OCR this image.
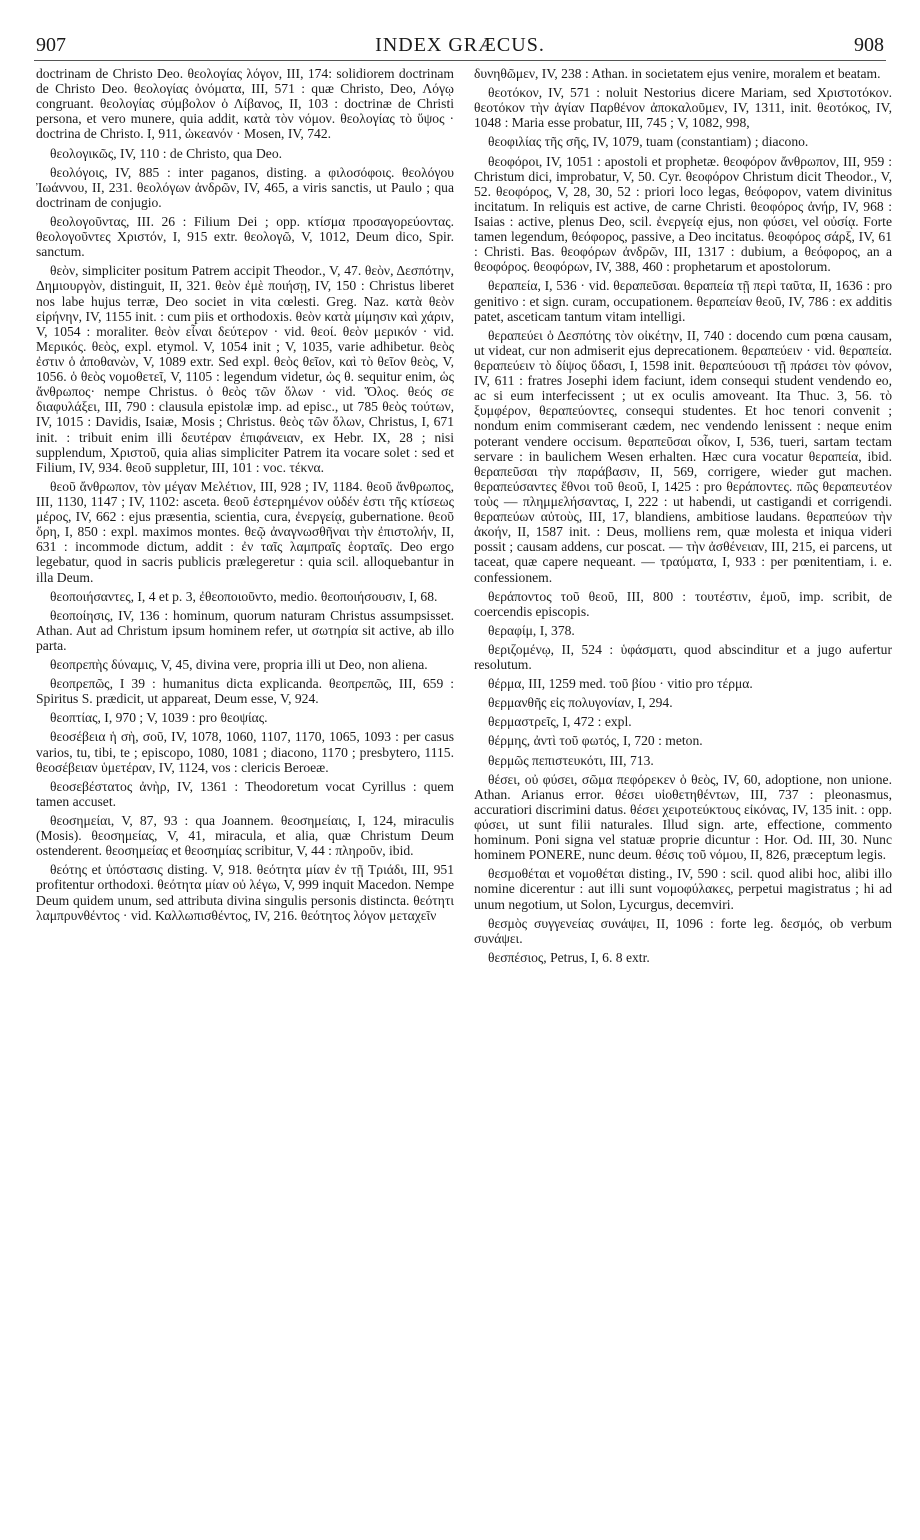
907	INDEX GRÆCUS.	908

doctrinam de Christo Deo. θεολογίας λόγον, III, 174: solidiorem doctrinam de Christo Deo. θεολογίας ὀνόματα, III, 571 : quæ Christo, Deo, Λόγῳ congruant. θεολογίας σύμβολον ὁ Λίβανος, II, 103 : doctrinæ de Christi persona, et vero munere, quia addit, κατὰ τὸν νόμον. θεολογίας τὸ ὕψος · doctrina de Christo. I, 911, ὠκεανόν · Mosen, IV, 742.

θεολογικῶς, IV, 110 : de Christo, qua Deo.

θεολόγοις, IV, 885 : inter paganos, disting. a φιλοσόφοις. θεολόγου Ἰωάννου, II, 231. θεολόγων ἀνδρῶν, IV, 465, a viris sanctis, ut Paulo ; qua doctrinam de conjugio.

θεολογοῦντας, III. 26 : Filium Dei ; opp. κτίσμα προσαγορεύοντας. θεολογοῦντες Χριστόν, I, 915 extr. θεολογῶ, V, 1012, Deum dico, Spir. sanctum.

θεὸν, simpliciter positum Patrem accipit Theodor., V, 47. θεὸν, Δεσπότην, Δημιουργὸν, distinguit, II, 321. θεὸν ἐμὲ ποιήσῃ, IV, 150 : Christus liberet nos labe hujus terræ, Deo societ in vita cœlesti. Greg. Naz. κατὰ θεὸν εἰρήνην, IV, 1155 init. : cum piis et orthodoxis. θεὸν κατὰ μίμησιν καὶ χάριν, V, 1054 : moraliter. θεὸν εἶναι δεύτερον · vid. θεοί. θεὸν μερικόν · vid. Μερικός. θεὸς, expl. etymol. V, 1054 init ; V, 1035, varie adhibetur. θεὸς ἐστιν ὁ ἀποθανὼν, V, 1089 extr. Sed expl. θεὸς θεῖον, καὶ τὸ θεῖον θεὸς, V, 1056. ὁ θεὸς νομοθετεῖ, V, 1105 : legendum videtur, ὡς θ. sequitur enim, ὡς ἄνθρωπος· nempe Christus. ὁ θεὸς τῶν ὅλων · vid. Ὅλος. θεός σε διαφυλάξει, III, 790 : clausula epistolæ imp. ad episc., ut 785 θεὸς τούτων, IV, 1015 : Davidis, Isaiæ, Mosis ; Christus. θεὸς τῶν ὅλων, Christus, I, 671 init. : tribuit enim illi δευτέραν ἐπιφάνειαν, ex Hebr. IX, 28 ; nisi supplendum, Χριστοῦ, quia alias simpliciter Patrem ita vocare solet : sed et Filium, IV, 934. θεοῦ suppletur, III, 101 : voc. τέκνα.

θεοῦ ἄνθρωπον, τὸν μέγαν Μελέτιον, III, 928 ; IV, 1184. θεοῦ ἄνθρωπος, III, 1130, 1147 ; IV, 1102: asceta. θεοῦ ἐστερημένον οὐδέν ἐστι τῆς κτίσεως μέρος, IV, 662 : ejus præsentia, scientia, cura, ἐνεργείᾳ, gubernatione. θεοῦ ὄρη, I, 850 : expl. maximos montes. θεῷ ἀναγνωσθῆναι τὴν ἐπιστολήν, II, 631 : incommode dictum, addit : ἐν ταῖς λαμπραῖς ἑορταῖς. Deo ergo legebatur, quod in sacris publicis prælegeretur : quia scil. alloquebantur in illa Deum.

θεοποιήσαντες, I, 4 et p. 3, ἐθεοποιοῦντο, medio. θεοποιήσουσιν, I, 68.

θεοποίησις, IV, 136 : hominum, quorum naturam Christus assumpsisset. Athan. Aut ad Christum ipsum hominem refer, ut σωτηρία sit active, ab illo parta.

θεοπρεπὴς δύναμις, V, 45, divina vere, propria illi ut Deo, non aliena.

θεοπρεπῶς, I 39 : humanitus dicta explicanda. θεοπρεπῶς, III, 659 : Spiritus S. prædicit, ut appareat, Deum esse, V, 924.

θεοπτίας, I, 970 ; V, 1039 : pro θεοψίας.

θεοσέβεια ἡ σὴ, σοῦ, IV, 1078, 1060, 1107, 1170, 1065, 1093 : per casus varios, tu, tibi, te ; episcopo, 1080, 1081 ; diacono, 1170 ; presbytero, 1115. θεοσέβειαν ὑμετέραν, IV, 1124, vos : clericis Beroeæ.

θεοσεβέστατος ἀνὴρ, IV, 1361 : Theodoretum vocat Cyrillus : quem tamen accuset.

θεοσημείαι, V, 87, 93 : qua Joannem. θεοσημείαις, I, 124, miraculis (Mosis). θεοσημείας, V, 41, miracula, et alia, quæ Christum Deum ostenderent. θεοσημείας et θεοσημίας scribitur, V, 44 : πληροῦν, ibid.

θεότης et ὑπόστασις disting. V, 918. θεότητα μίαν ἐν τῇ Τριάδι, III, 951 profitentur orthodoxi. θεότητα μίαν οὐ λέγω, V, 999 inquit Macedon. Nempe Deum quidem unum, sed attributa divina singulis personis distincta. θεότητι λαμπρυνθέντος · vid. Καλλωπισθέντος, IV, 216. θεότητος λόγον μεταχεῖν

δυνηθῶμεν, IV, 238 : Athan. in societatem ejus venire, moralem et beatam.

θεοτόκον, IV, 571 : noluit Nestorius dicere Mariam, sed Χριστοτόκον. θεοτόκον τὴν ἁγίαν Παρθένον ἀποκαλοῦμεν, IV, 1311, init. θεοτόκος, IV, 1048 : Maria esse probatur, III, 745 ; V, 1082, 998,

θεοφιλίας τῆς σῆς, IV, 1079, tuam (constantiam) ; diacono.

θεοφόροι, IV, 1051 : apostoli et prophetæ. θεοφόρον ἄνθρωπον, III, 959 : Christum dici, improbatur, V, 50. Cyr. θεοφόρον Christum dicit Theodor., V, 52. θεοφόρος, V, 28, 30, 52 : priori loco legas, θεόφορον, vatem divinitus incitatum. In reliquis est active, de carne Christi. θεοφόρος ἀνήρ, IV, 968 : Isaias : active, plenus Deo, scil. ἐνεργείᾳ ejus, non φύσει, vel οὐσίᾳ. Forte tamen legendum, θεόφορος, passive, a Deo incitatus. θεοφόρος σάρξ, IV, 61 : Christi. Bas. θεοφόρων ἀνδρῶν, III, 1317 : dubium, a θεόφορος, an a θεοφόρος. θεοφόρων, IV, 388, 460 : prophetarum et apostolorum.

θεραπεία, I, 536 · vid. θεραπεῦσαι. θεραπεία τῇ περὶ ταῦτα, II, 1636 : pro genitivo : et sign. curam, occupationem. θεραπείαν θεοῦ, IV, 786 : ex additis patet, asceticam tantum vitam intelligi.

θεραπεύει ὁ Δεσπότης τὸν οἰκέτην, II, 740 : docendo cum pœna causam, ut videat, cur non admiserit ejus deprecationem. θεραπεύειν · vid. θεραπεία. θεραπεύειν τὸ δίψος ὕδασι, I, 1598 init. θεραπεύουσι τῇ πράσει τὸν φόνον, IV, 611 : fratres Josephi idem faciunt, idem consequi student vendendo eo, ac si eum interfecissent ; ut ex oculis amoveant. Ita Thuc. 3, 56. τὸ ξυμφέρον, θεραπεύοντες, consequi studentes. Et hoc tenori convenit ; nondum enim commiserant cædem, nec vendendo lenissent : neque enim poterant vendere occisum. θεραπεῦσαι οἶκον, I, 536, tueri, sartam tectam servare : in baulichem Wesen erhalten. Hæc cura vocatur θεραπεία, ibid. θεραπεῦσαι τὴν παράβασιν, II, 569, corrigere, wieder gut machen. θεραπεύσαντες ἔθνοι τοῦ θεοῦ, I, 1425 : pro θεράποντες. πῶς θεραπευτέον τοὺς — πλημμελήσαντας, I, 222 : ut habendi, ut castigandi et corrigendi. θεραπεύων αὐτοὺς, III, 17, blandiens, ambitiose laudans. θεραπεύων τὴν ἀκοήν, II, 1587 init. : Deus, molliens rem, quæ molesta et iniqua videri possit ; causam addens, cur poscat. — τὴν ἀσθένειαν, III, 215, ei parcens, ut taceat, quæ capere nequeant. — τραύματα, I, 933 : per pœnitentiam, i. e. confessionem.

θεράποντος τοῦ θεοῦ, III, 800 : τουτέστιν, ἐμοῦ, imp. scribit, de coercendis episcopis.

θεραφίμ, I, 378.

θεριζομένῳ, II, 524 : ὑφάσματι, quod abscinditur et a jugo aufertur resolutum.

θέρμα, III, 1259 med. τοῦ βίου · vitio pro τέρμα.

θερμανθῆς εἰς πολυγονίαν, I, 294.

θερμαστρεῖς, I, 472 : expl.

θέρμης, ἀντὶ τοῦ φωτός, I, 720 : meton.

θερμῶς πεπιστευκότι, III, 713.

θέσει, οὐ φύσει, σῶμα πεφόρεκεν ὁ θεὸς, IV, 60, adoptione, non unione. Athan. Arianus error. θέσει υἱοθετηθέντων, III, 737 : pleonasmus, accuratiori discrimini datus. θέσει χειροτεύκτους εἰκόνας, IV, 135 init. : opp. φύσει, ut sunt filii naturales. Illud sign. arte, effectione, commento hominum. Poni signa vel statuæ proprie dicuntur : Hor. Od. III, 30. Nunc hominem PONERE, nunc deum. θέσις τοῦ νόμου, II, 826, præceptum legis.

θεσμοθέται et νομοθέται disting., IV, 590 : scil. quod alibi hoc, alibi illo nomine dicerentur : aut illi sunt νομοφύλακες, perpetui magistratus ; hi ad unum negotium, ut Solon, Lycurgus, decemviri.

θεσμὸς συγγενείας συνάψει, II, 1096 : forte leg. δεσμός, ob verbum συνάψει.

θεσπέσιος, Petrus, I, 6. 8 extr.
